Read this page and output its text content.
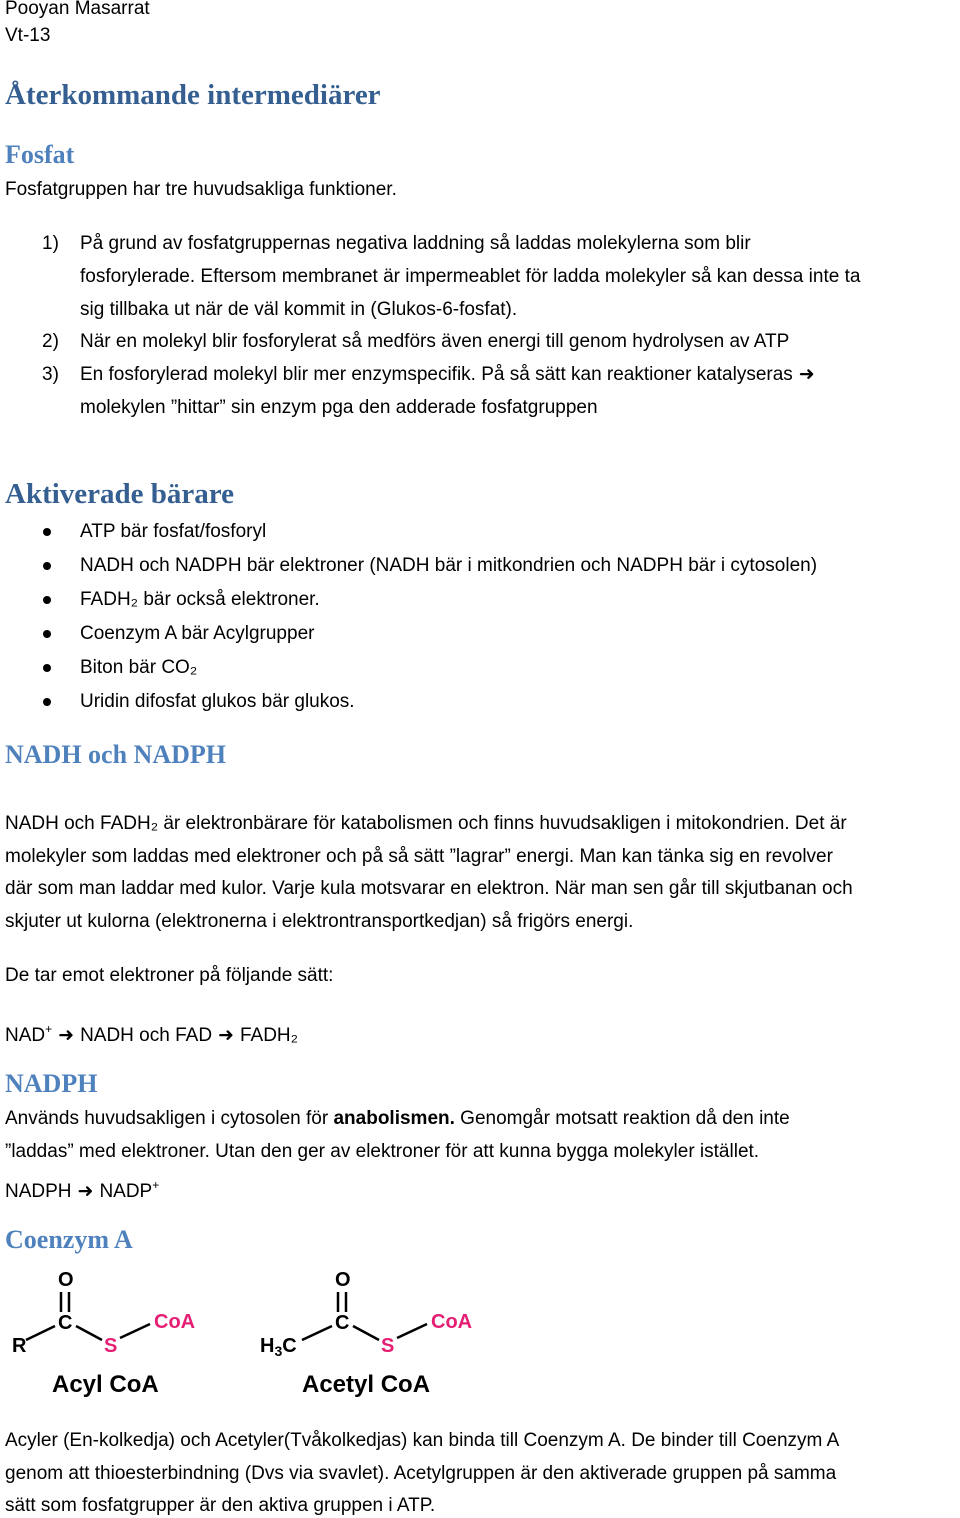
Pooyan Masarrat
Vt-13
Återkommande intermediärer
Fosfat
Fosfatgruppen har tre huvudsakliga funktioner.
1) På grund av fosfatgruppernas negativa laddning så laddas molekylerna som blir
fosforylerade. Eftersom membranet är impermeablet för ladda molekyler så kan dessa inte ta
sig tillbaka ut när de väl kommit in (Glukos-6-fosfat).
2) När en molekyl blir fosforylerat så medförs även energi till genom hydrolysen av ATP
3) En fosforylerad molekyl blir mer enzymspecifik. På så sätt kan reaktioner katalyseras ➜
molekylen ”hittar” sin enzym pga den adderade fosfatgruppen
Aktiverade bärare
ATP bär fosfat/fosforyl
NADH och NADPH bär elektroner (NADH bär i mitkondrien och NADPH bär i cytosolen)
FADH₂ bär också elektroner.
Coenzym A bär Acylgrupper
Biton bär CO₂
Uridin difosfat glukos bär glukos.
NADH och NADPH
NADH och FADH₂ är elektronbärare för katabolismen och finns huvudsakligen i mitokondrien. Det är
molekyler som laddas med elektroner och på så sätt ”lagrar” energi. Man kan tänka sig en revolver
där som man laddar med kulor. Varje kula motsvarar en elektron. När man sen går till skjutbanan och
skjuter ut kulorna (elektronerna i elektrontransportkedjan) så frigörs energi.
De tar emot elektroner på följande sätt:
NAD+ ➜ NADH och FAD ➜ FADH₂
NADPH
Används huvudsakligen i cytosolen för anabolismen. Genomgår motsatt reaktion då den inte
”laddas” med elektroner. Utan den ger av elektroner för att kunna bygga molekyler istället.
NADPH ➜ NADP+
Coenzym A
O
C
R	S
CoA
Acyl CoA
O
C
$H_3C$	S
CoA
Acetyl CoA
Acyler (En-kolkedja) och Acetyler(Tvåkolkedjas) kan binda till Coenzym A. De binder till Coenzym A
genom att thioesterbindning (Dvs via svavlet). Acetylgruppen är den aktiverade gruppen på samma
sätt som fosfatgrupper är den aktiva gruppen i ATP.
